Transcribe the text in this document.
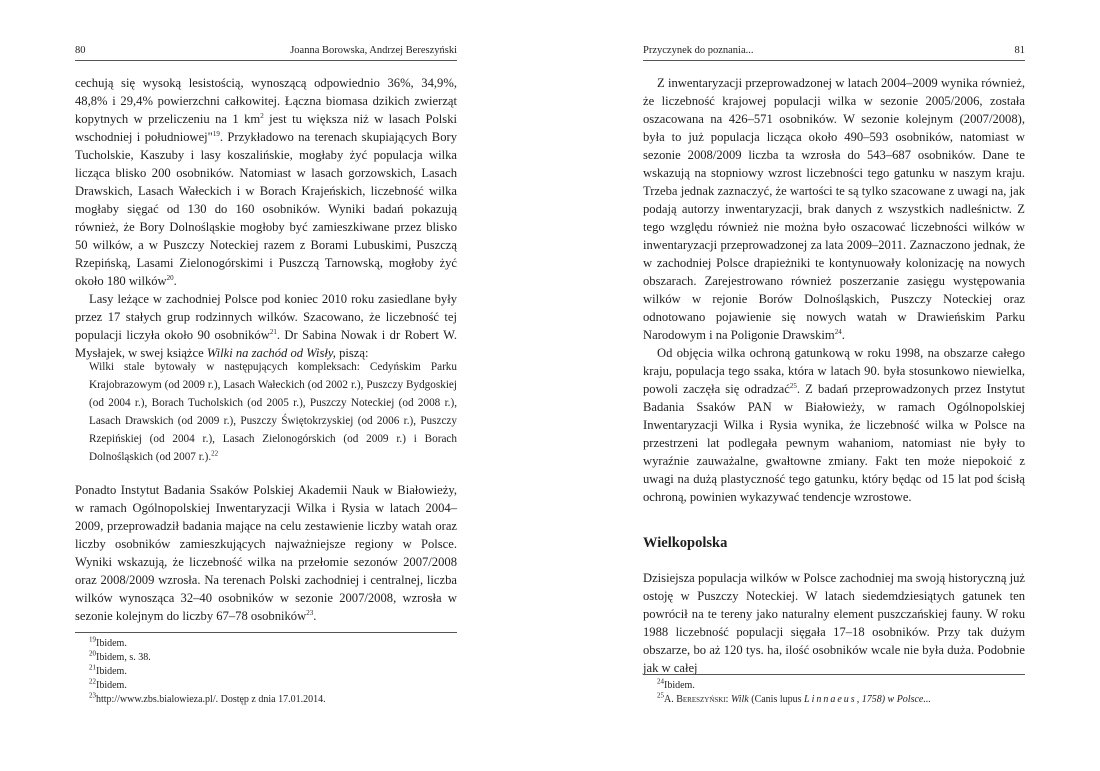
80	Joanna Borowska, Andrzej Bereszyński

cechują się wysoką lesistością, wynoszącą odpowiednio 36%, 34,9%, 48,8% i 29,4% powierzchni całkowitej. Łączna biomasa dzikich zwierząt kopytnych w przeliczeniu na 1 $km^2$ jest tu większa niż w lasach Polski wschodniej i południowej"$^{19}$. Przykładowo na terenach skupiających Bory Tucholskie, Kaszuby i lasy koszalińskie, mogłaby żyć populacja wilka licząca blisko 200 osobników. Natomiast w lasach gorzowskich, Lasach Drawskich, Lasach Wałeckich i w Borach Krajeńskich, liczebność wilka mogłaby sięgać od 130 do 160 osobników. Wyniki badań pokazują również, że Bory Dolnośląskie mogłoby być zamieszkiwane przez blisko 50 wilków, a w Puszczy Noteckiej razem z Borami Lubuskimi, Puszczą Rzepińską, Lasami Zielonogórskimi i Puszczą Tarnowską, mogłoby żyć około 180 wilków$^{20}$.

Lasy leżące w zachodniej Polsce pod koniec 2010 roku zasiedlane były przez 17 stałych grup rodzinnych wilków. Szacowano, że liczebność tej populacji liczyła około 90 osobników$^{21}$. Dr Sabina Nowak i dr Robert W. Mysłajek, w swej książce Wilki na zachód od Wisły, piszą:

Wilki stale bytowały w następujących kompleksach: Cedyńskim Parku Krajobrazowym (od 2009 r.), Lasach Wałeckich (od 2002 r.), Puszczy Bydgoskiej (od 2004 r.), Borach Tucholskich (od 2005 r.), Puszczy Noteckiej (od 2008 r.), Lasach Drawskich (od 2009 r.), Puszczy Świętokrzyskiej (od 2006 r.), Puszczy Rzepińskiej (od 2004 r.), Lasach Zielonogórskich (od 2009 r.) i Borach Dolnośląskich (od 2007 r.).$^{22}$

Ponadto Instytut Badania Ssaków Polskiej Akademii Nauk w Białowieży, w ramach Ogólnopolskiej Inwentaryzacji Wilka i Rysia w latach 2004–2009, przeprowadził badania mające na celu zestawienie liczby watah oraz liczby osobników zamieszkujących najważniejsze regiony w Polsce. Wyniki wskazują, że liczebność wilka na przełomie sezonów 2007/2008 oraz 2008/2009 wzrosła. Na terenach Polski zachodniej i centralnej, liczba wilków wynosząca 32–40 osobników w sezonie 2007/2008, wzrosła w sezonie kolejnym do liczby 67–78 osobników$^{23}$.

$^{19}$Ibidem.
$^{20}$Ibidem, s. 38.
$^{21}$Ibidem.
$^{22}$Ibidem.
$^{23}$http://www.zbs.bialowieza.pl/. Dostęp z dnia 17.01.2014.
Przyczynek do poznania...	81

Z inwentaryzacji przeprowadzonej w latach 2004–2009 wynika również, że liczebność krajowej populacji wilka w sezonie 2005/2006, została oszacowana na 426–571 osobników. W sezonie kolejnym (2007/2008), była to już populacja licząca około 490–593 osobników, natomiast w sezonie 2008/2009 liczba ta wzrosła do 543–687 osobników. Dane te wskazują na stopniowy wzrost liczebności tego gatunku w naszym kraju. Trzeba jednak zaznaczyć, że wartości te są tylko szacowane z uwagi na, jak podają autorzy inwentaryzacji, brak danych z wszystkich nadleśnictw. Z tego względu również nie można było oszacować liczebności wilków w inwentaryzacji przeprowadzonej za lata 2009–2011. Zaznaczono jednak, że w zachodniej Polsce drapieżniki te kontynuowały kolonizację na nowych obszarach. Zarejestrowano również poszerzanie zasięgu występowania wilków w rejonie Borów Dolnośląskich, Puszczy Noteckiej oraz odnotowano pojawienie się nowych watah w Drawieńskim Parku Narodowym i na Poligonie Drawskim$^{24}$.

Od objęcia wilka ochroną gatunkową w roku 1998, na obszarze całego kraju, populacja tego ssaka, która w latach 90. była stosunkowo niewielka, powoli zaczęła się odradzać$^{25}$. Z badań przeprowadzonych przez Instytut Badania Ssaków PAN w Białowieży, w ramach Ogólnopolskiej Inwentaryzacji Wilka i Rysia wynika, że liczebność wilka w Polsce na przestrzeni lat podlegała pewnym wahaniom, natomiast nie były to wyraźnie zauważalne, gwałtowne zmiany. Fakt ten może niepokoić z uwagi na dużą plastyczność tego gatunku, który będąc od 15 lat pod ścisłą ochroną, powinien wykazywać tendencje wzrostowe.

Wielkopolska

Dzisiejsza populacja wilków w Polsce zachodniej ma swoją historyczną już ostoję w Puszczy Noteckiej. W latach siedemdziesiątych gatunek ten powrócił na te tereny jako naturalny element puszczańskiej fauny. W roku 1988 liczebność populacji sięgała 17–18 osobników. Przy tak dużym obszarze, bo aż 120 tys. ha, ilość osobników wcale nie była duża. Podobnie jak w całej

$^{24}$Ibidem.
$^{25}$A. Bereszyński: Wilk (Canis lupus Linnaeus, 1758) w Polsce...
